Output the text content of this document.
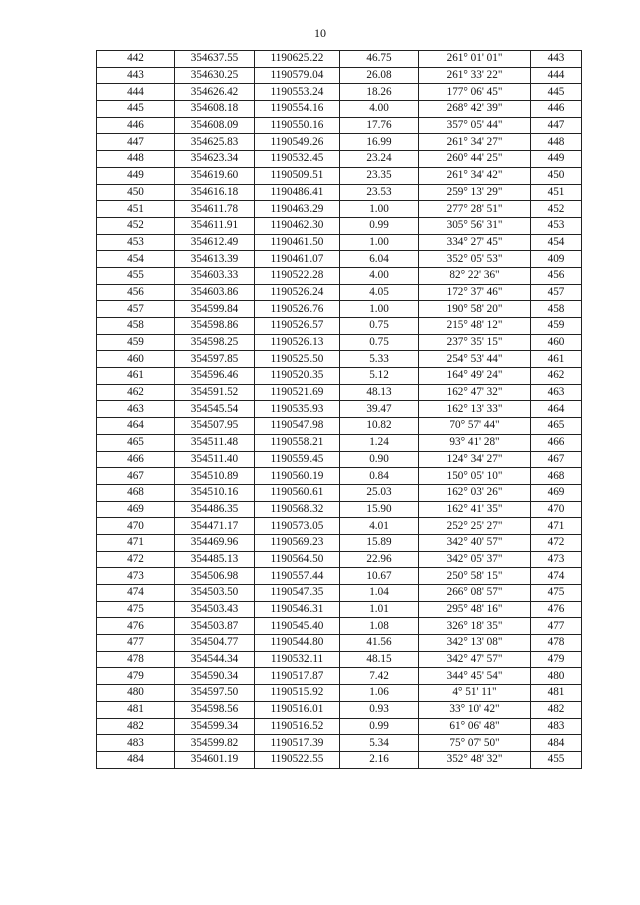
10
442	354637.55	1190625.22	46.75	261° 01' 01"	443
443	354630.25	1190579.04	26.08	261° 33' 22"	444
444	354626.42	1190553.24	18.26	177° 06' 45"	445
445	354608.18	1190554.16	4.00	268° 42' 39"	446
446	354608.09	1190550.16	17.76	357° 05' 44"	447
447	354625.83	1190549.26	16.99	261° 34' 27"	448
448	354623.34	1190532.45	23.24	260° 44' 25"	449
449	354619.60	1190509.51	23.35	261° 34' 42"	450
450	354616.18	1190486.41	23.53	259° 13' 29"	451
451	354611.78	1190463.29	1.00	277° 28' 51"	452
452	354611.91	1190462.30	0.99	305° 56' 31"	453
453	354612.49	1190461.50	1.00	334° 27' 45"	454
454	354613.39	1190461.07	6.04	352° 05' 53"	409
455	354603.33	1190522.28	4.00	82° 22' 36"	456
456	354603.86	1190526.24	4.05	172° 37' 46"	457
457	354599.84	1190526.76	1.00	190° 58' 20"	458
458	354598.86	1190526.57	0.75	215° 48' 12"	459
459	354598.25	1190526.13	0.75	237° 35' 15"	460
460	354597.85	1190525.50	5.33	254° 53' 44"	461
461	354596.46	1190520.35	5.12	164° 49' 24"	462
462	354591.52	1190521.69	48.13	162° 47' 32"	463
463	354545.54	1190535.93	39.47	162° 13' 33"	464
464	354507.95	1190547.98	10.82	70° 57' 44"	465
465	354511.48	1190558.21	1.24	93° 41' 28"	466
466	354511.40	1190559.45	0.90	124° 34' 27"	467
467	354510.89	1190560.19	0.84	150° 05' 10"	468
468	354510.16	1190560.61	25.03	162° 03' 26"	469
469	354486.35	1190568.32	15.90	162° 41' 35"	470
470	354471.17	1190573.05	4.01	252° 25' 27"	471
471	354469.96	1190569.23	15.89	342° 40' 57"	472
472	354485.13	1190564.50	22.96	342° 05' 37"	473
473	354506.98	1190557.44	10.67	250° 58' 15"	474
474	354503.50	1190547.35	1.04	266° 08' 57"	475
475	354503.43	1190546.31	1.01	295° 48' 16"	476
476	354503.87	1190545.40	1.08	326° 18' 35"	477
477	354504.77	1190544.80	41.56	342° 13' 08"	478
478	354544.34	1190532.11	48.15	342° 47' 57"	479
479	354590.34	1190517.87	7.42	344° 45' 54"	480
480	354597.50	1190515.92	1.06	4° 51' 11"	481
481	354598.56	1190516.01	0.93	33° 10' 42"	482
482	354599.34	1190516.52	0.99	61° 06' 48"	483
483	354599.82	1190517.39	5.34	75° 07' 50"	484
484	354601.19	1190522.55	2.16	352° 48' 32"	455
